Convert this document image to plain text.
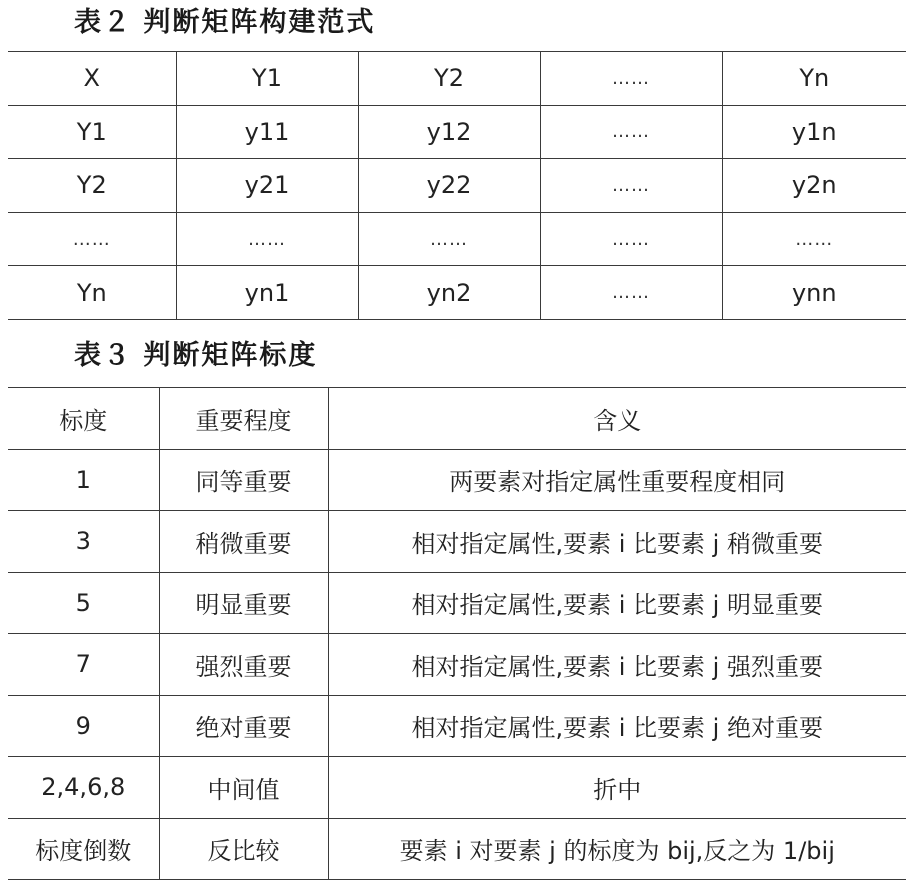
表２ 判断矩阵构建范式
X	Y1	Y2	……	Yn
Y1	y11	y12	……	y1n
Y2	y21	y22	……	y2n
……	……	……	……	……
Yn	yn1	yn2	……	ynn
表３ 判断矩阵标度
标度	重要程度	含义
1	同等重要	两要素对指定属性重要程度相同
3	稍微重要	相对指定属性,要素 i 比要素 j 稍微重要
5	明显重要	相对指定属性,要素 i 比要素 j 明显重要
7	强烈重要	相对指定属性,要素 i 比要素 j 强烈重要
9	绝对重要	相对指定属性,要素 i 比要素 j 绝对重要
2,4,6,8	中间值	折中
标度倒数	反比较	要素 i 对要素 j 的标度为 bij,反之为 1/bij
